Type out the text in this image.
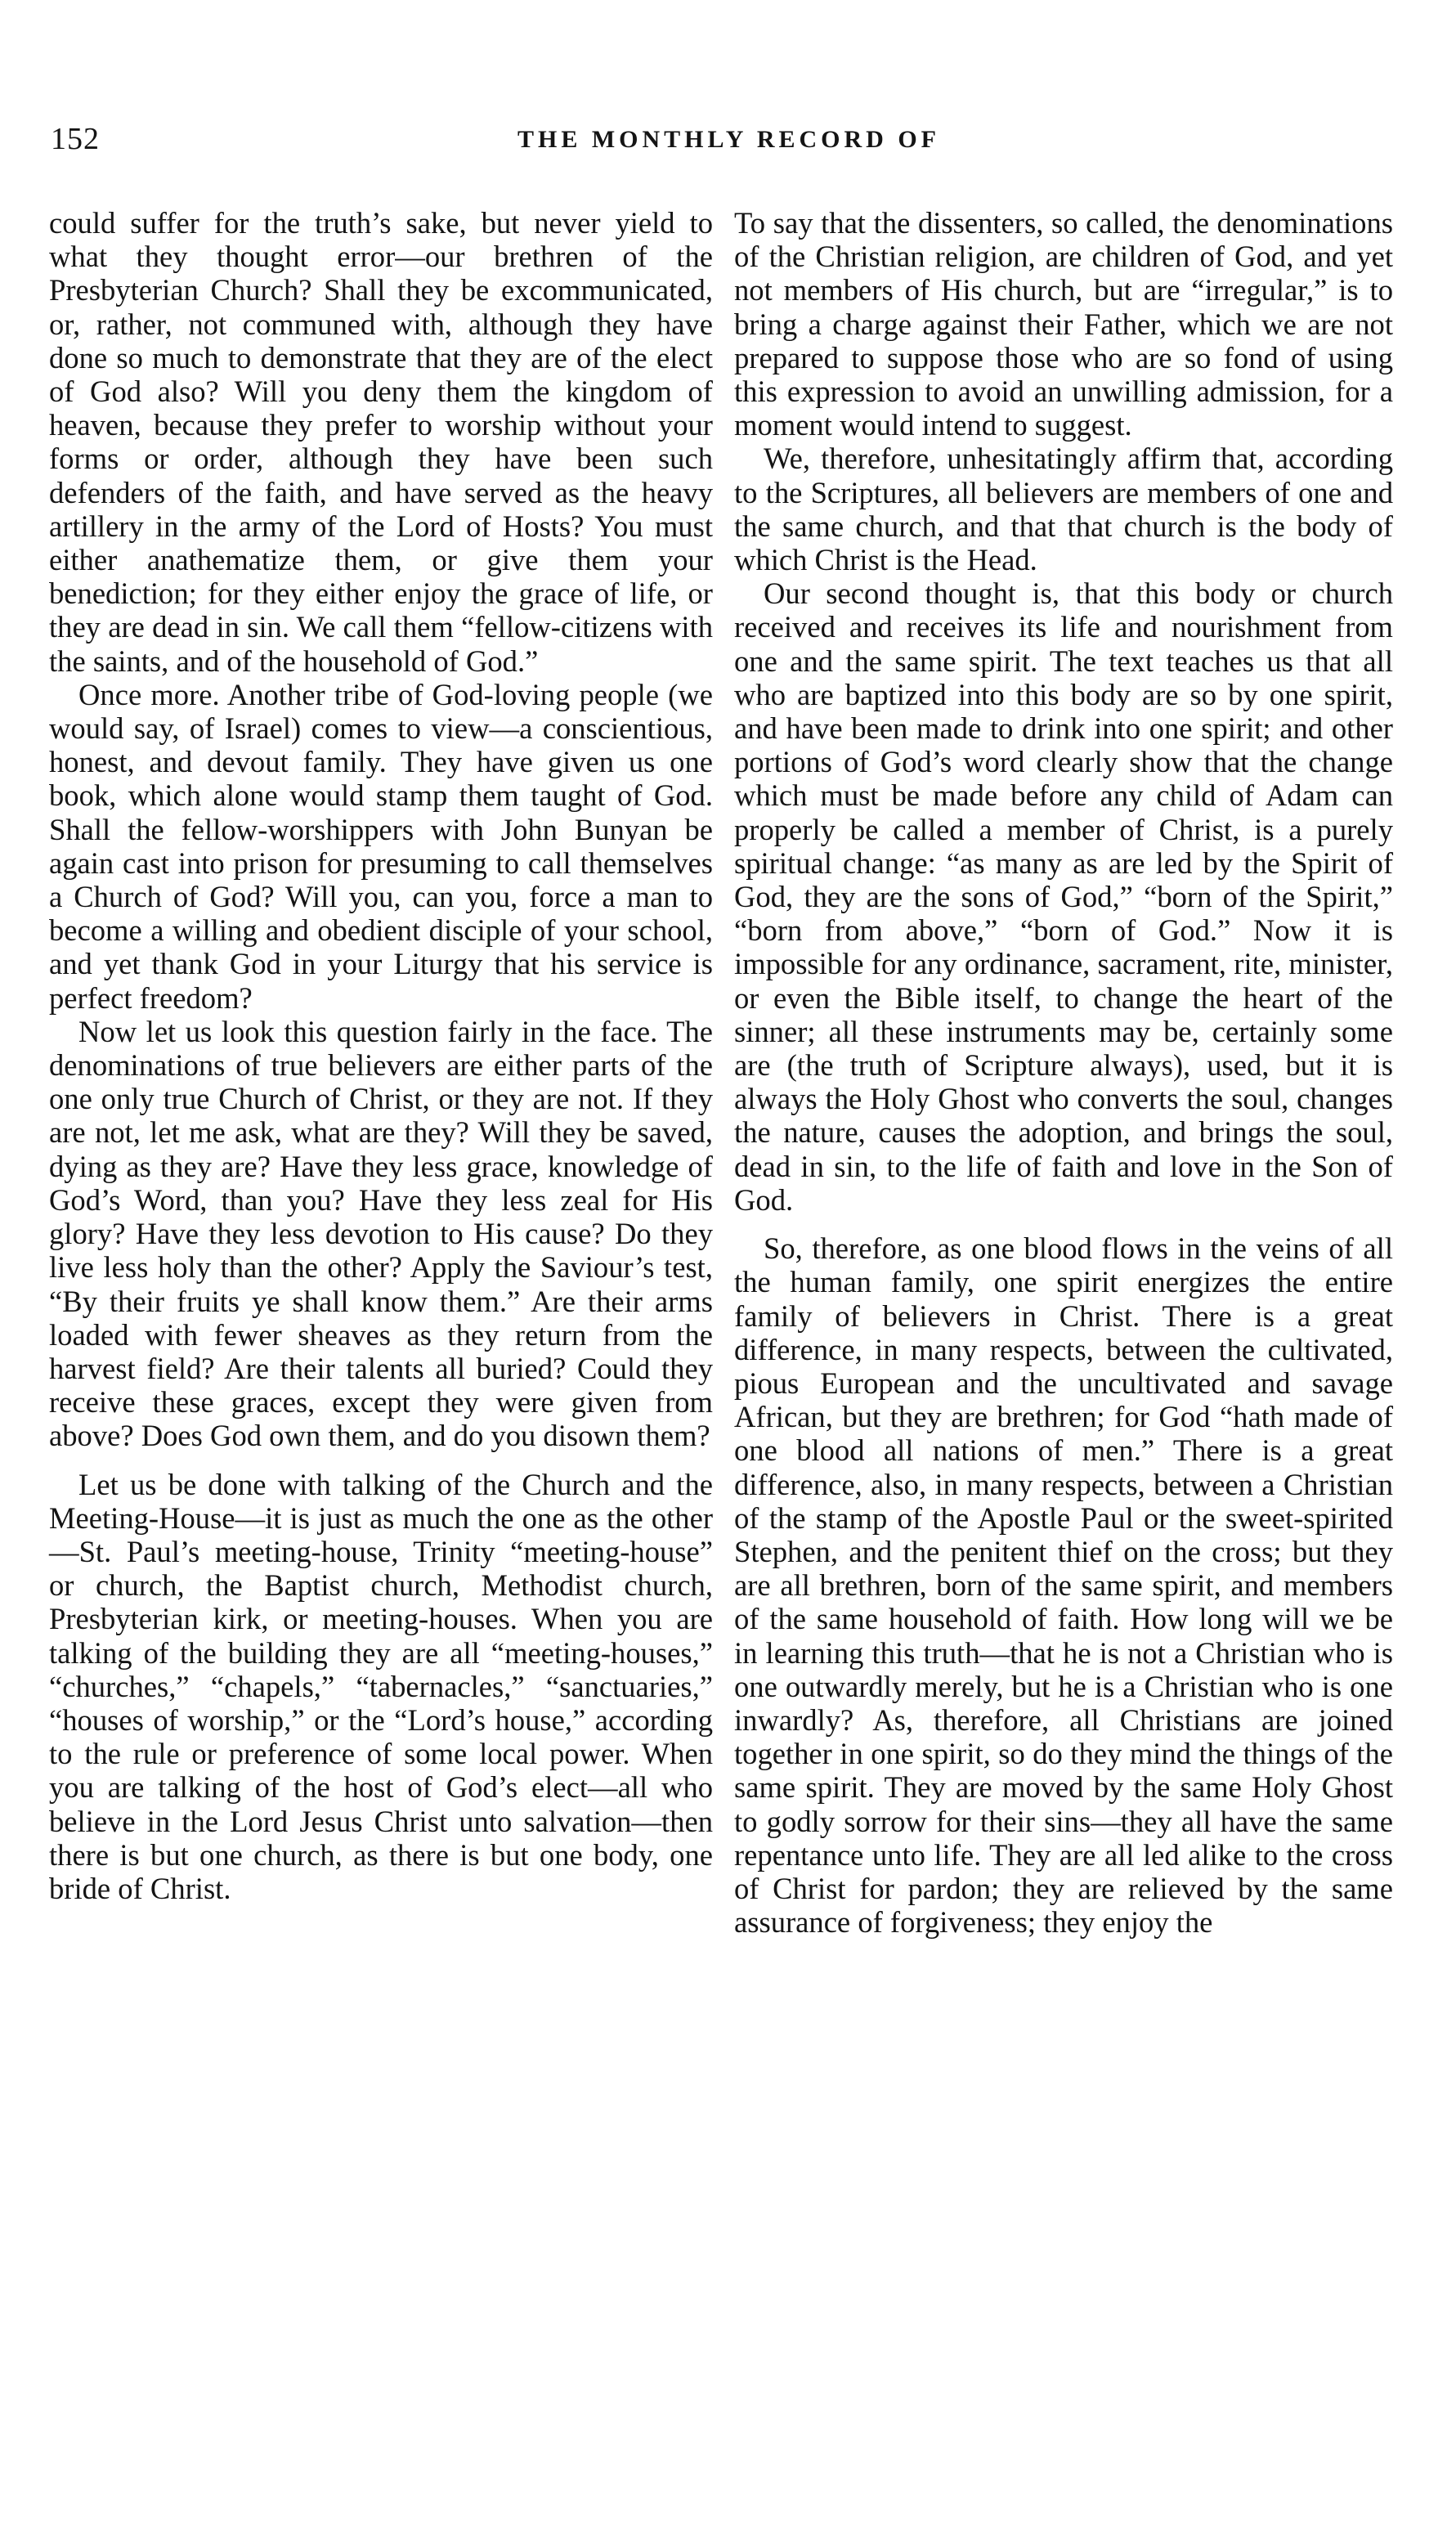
152	THE MONTHLY RECORD OF

could suffer for the truth’s sake, but never yield to what they thought error—our brethren of the Presbyterian Church? Shall they be excommunicated, or, rather, not communed with, although they have done so much to demonstrate that they are of the elect of God also? Will you deny them the kingdom of heaven, because they prefer to worship without your forms or order, although they have been such defenders of the faith, and have served as the heavy artillery in the army of the Lord of Hosts? You must either anathematize them, or give them your benediction; for they either enjoy the grace of life, or they are dead in sin. We call them “fellow-citizens with the saints, and of the household of God.”

Once more. Another tribe of God-loving people (we would say, of Israel) comes to view—a conscientious, honest, and devout family. They have given us one book, which alone would stamp them taught of God. Shall the fellow-worshippers with John Bunyan be again cast into prison for presuming to call themselves a Church of God? Will you, can you, force a man to become a willing and obedient disciple of your school, and yet thank God in your Liturgy that his service is perfect freedom?

Now let us look this question fairly in the face. The denominations of true believers are either parts of the one only true Church of Christ, or they are not. If they are not, let me ask, what are they? Will they be saved, dying as they are? Have they less grace, knowledge of God’s Word, than you? Have they less zeal for His glory? Have they less devotion to His cause? Do they live less holy than the other? Apply the Saviour’s test, “By their fruits ye shall know them.” Are their arms loaded with fewer sheaves as they return from the harvest field? Are their talents all buried? Could they receive these graces, except they were given from above? Does God own them, and do you disown them?

Let us be done with talking of the Church and the Meeting-House—it is just as much the one as the other—St. Paul’s meeting-house, Trinity “meeting-house” or church, the Baptist church, Methodist church, Presbyterian kirk, or meeting-houses. When you are talking of the building they are all “meeting-houses,” “churches,” “chapels,” “tabernacles,” “sanctuaries,” “houses of worship,” or the “Lord’s house,” according to the rule or preference of some local power. When you are talking of the host of God’s elect—all who believe in the Lord Jesus Christ unto salvation—then there is but one church, as there is but one body, one bride of Christ.

To say that the dissenters, so called, the denominations of the Christian religion, are children of God, and yet not members of His church, but are “irregular,” is to bring a charge against their Father, which we are not prepared to suppose those who are so fond of using this expression to avoid an unwilling admission, for a moment would intend to suggest.

We, therefore, unhesitatingly affirm that, according to the Scriptures, all believers are members of one and the same church, and that that church is the body of which Christ is the Head.

Our second thought is, that this body or church received and receives its life and nourishment from one and the same spirit. The text teaches us that all who are baptized into this body are so by one spirit, and have been made to drink into one spirit; and other portions of God’s word clearly show that the change which must be made before any child of Adam can properly be called a member of Christ, is a purely spiritual change: “as many as are led by the Spirit of God, they are the sons of God,” “born of the Spirit,” “born from above,” “born of God.” Now it is impossible for any ordinance, sacrament, rite, minister, or even the Bible itself, to change the heart of the sinner; all these instruments may be, certainly some are (the truth of Scripture always), used, but it is always the Holy Ghost who converts the soul, changes the nature, causes the adoption, and brings the soul, dead in sin, to the life of faith and love in the Son of God.

So, therefore, as one blood flows in the veins of all the human family, one spirit energizes the entire family of believers in Christ. There is a great difference, in many respects, between the cultivated, pious European and the uncultivated and savage African, but they are brethren; for God “hath made of one blood all nations of men.” There is a great difference, also, in many respects, between a Christian of the stamp of the Apostle Paul or the sweet-spirited Stephen, and the penitent thief on the cross; but they are all brethren, born of the same spirit, and members of the same household of faith. How long will we be in learning this truth—that he is not a Christian who is one outwardly merely, but he is a Christian who is one inwardly? As, therefore, all Christians are joined together in one spirit, so do they mind the things of the same spirit. They are moved by the same Holy Ghost to godly sorrow for their sins—they all have the same repentance unto life. They are all led alike to the cross of Christ for pardon; they are relieved by the same assurance of forgiveness; they enjoy the
